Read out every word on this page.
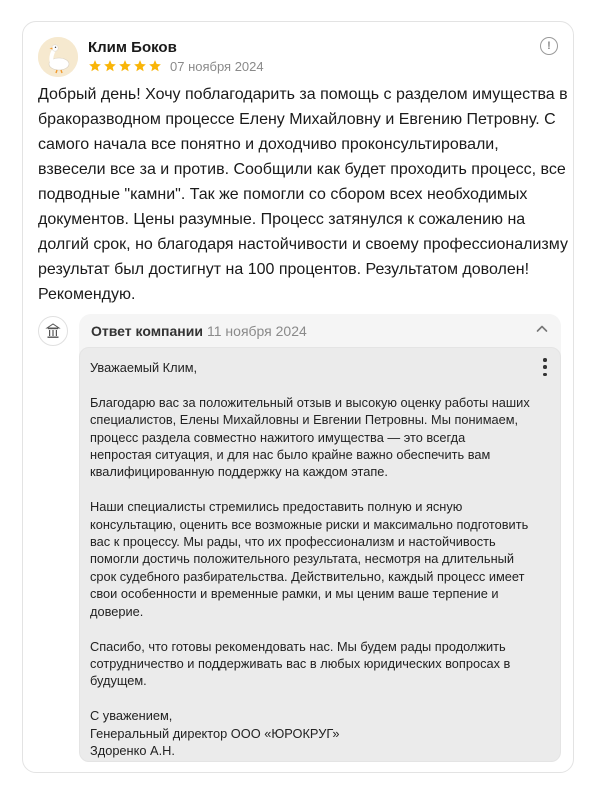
Клим Боков
07 ноября 2024
!
Добрый день! Хочу поблагодарить за помощь с разделом имущества в бракоразводном процессе Елену Михайловну и Евгению Петровну. С самого начала все понятно и доходчиво проконсультировали, взвесели все за и против. Сообщили как будет проходить процесс, все подводные "камни". Так же помогли со сбором всех необходимых документов. Цены разумные. Процесс затянулся к сожалению на долгий срок, но благодаря настойчивости и своему профессионализму результат был достигнут на 100 процентов. Результатом доволен! Рекомендую.
Ответ компании 11 ноября 2024
Уважаемый Клим,

Благодарю вас за положительный отзыв и высокую оценку работы наших специалистов, Елены Михайловны и Евгении Петровны. Мы понимаем, процесс раздела совместно нажитого имущества — это всегда непростая ситуация, и для нас было крайне важно обеспечить вам квалифицированную поддержку на каждом этапе.

Наши специалисты стремились предоставить полную и ясную консультацию, оценить все возможные риски и максимально подготовить вас к процессу. Мы рады, что их профессионализм и настойчивость помогли достичь положительного результата, несмотря на длительный срок судебного разбирательства. Действительно, каждый процесс имеет свои особенности и временные рамки, и мы ценим ваше терпение и доверие.

Спасибо, что готовы рекомендовать нас. Мы будем рады продолжить сотрудничество и поддерживать вас в любых юридических вопросах в будущем.

С уважением,
Генеральный директор ООО «ЮРОКРУГ»
Здоренко А.Н.
